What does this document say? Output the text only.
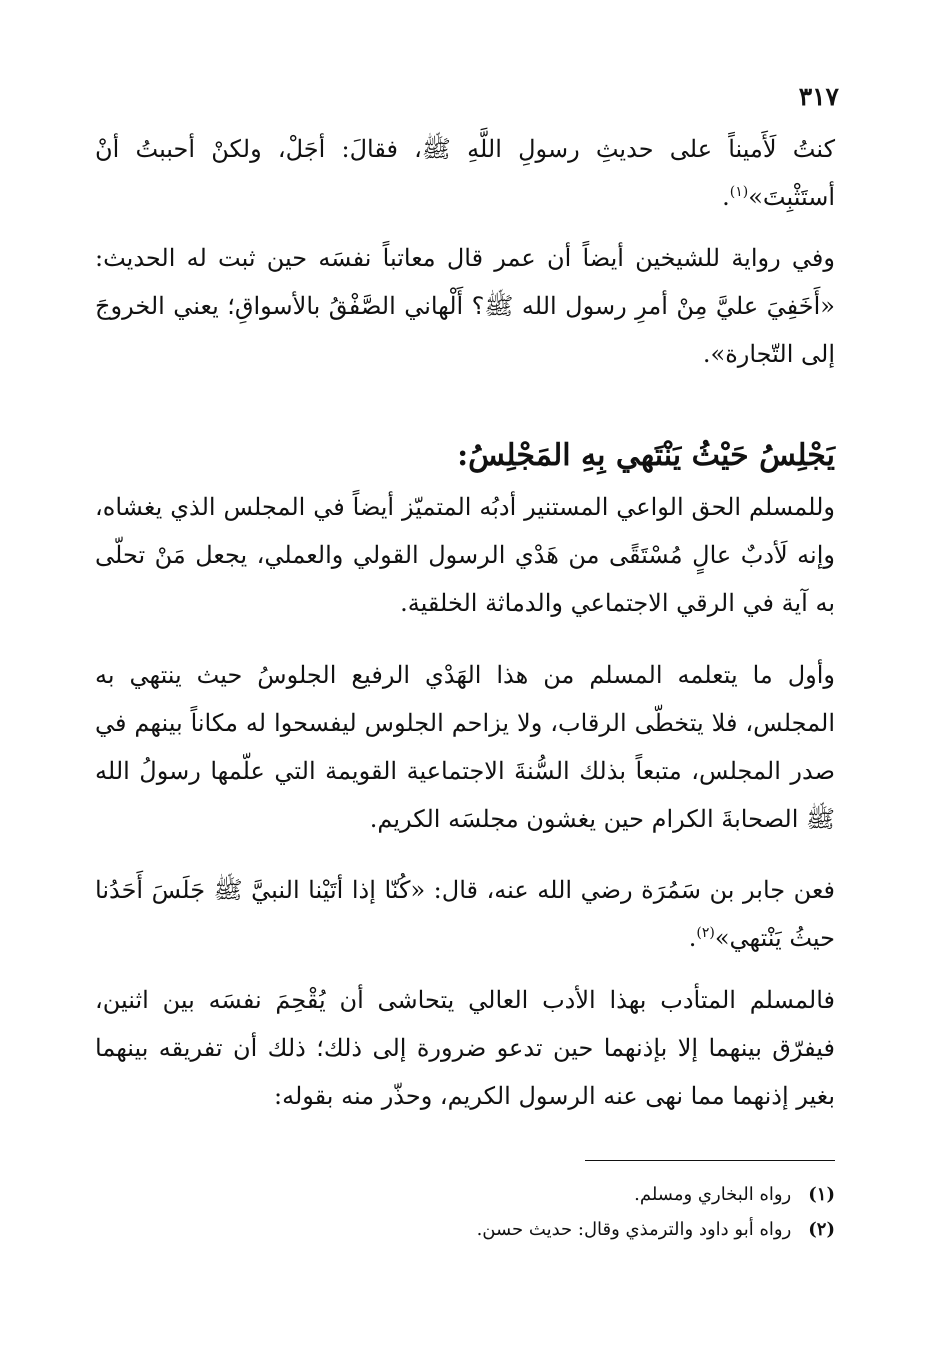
٣١٧

كنتُ لَأَميناً على حديثِ رسولِ اللَّهِ ﷺ، فقالَ: أجَلْ، ولكنْ أحببتُ أنْ أستَثْبِتَ»$^{(١)}$.

وفي رواية للشيخين أيضاً أن عمر قال معاتباً نفسَه حين ثبت له الحديث: «أَخَفِيَ عليَّ مِنْ أمرِ رسول الله ﷺ؟ أَلْهاني الصَّفْقُ بالأسواقِ؛ يعني الخروجَ إلى التّجارة».

يَجْلِسُ حَيْثُ يَنْتَهي بِهِ المَجْلِسُ:

وللمسلم الحق الواعي المستنير أدبُه المتميّز أيضاً في المجلس الذي يغشاه، وإنه لَأدبٌ عالٍ مُسْتَقًى من هَدْي الرسول القولي والعملي، يجعل مَنْ تحلّى به آية في الرقي الاجتماعي والدماثة الخلقية.

وأول ما يتعلمه المسلم من هذا الهَدْي الرفيع الجلوسُ حيث ينتهي به المجلس، فلا يتخطّى الرقاب، ولا يزاحم الجلوس ليفسحوا له مكاناً بينهم في صدر المجلس، متبعاً بذلك السُّنةَ الاجتماعية القويمة التي علّمها رسولُ الله ﷺ الصحابةَ الكرام حين يغشون مجلسَه الكريم.

فعن جابر بن سَمُرَة رضي الله عنه، قال: «كُنّا إذا أتَيْنا النبيَّ ﷺ جَلَسَ أَحَدُنا حيثُ يَنْتهي»$^{(٢)}$.

فالمسلم المتأدب بهذا الأدب العالي يتحاشى أن يُقْحِمَ نفسَه بين اثنين، فيفرّق بينهما إلا بإذنهما حين تدعو ضرورة إلى ذلك؛ ذلك أن تفريقه بينهما بغير إذنهما مما نهى عنه الرسول الكريم، وحذّر منه بقوله:

(١) رواه البخاري ومسلم.
(٢) رواه أبو داود والترمذي وقال: حديث حسن.
